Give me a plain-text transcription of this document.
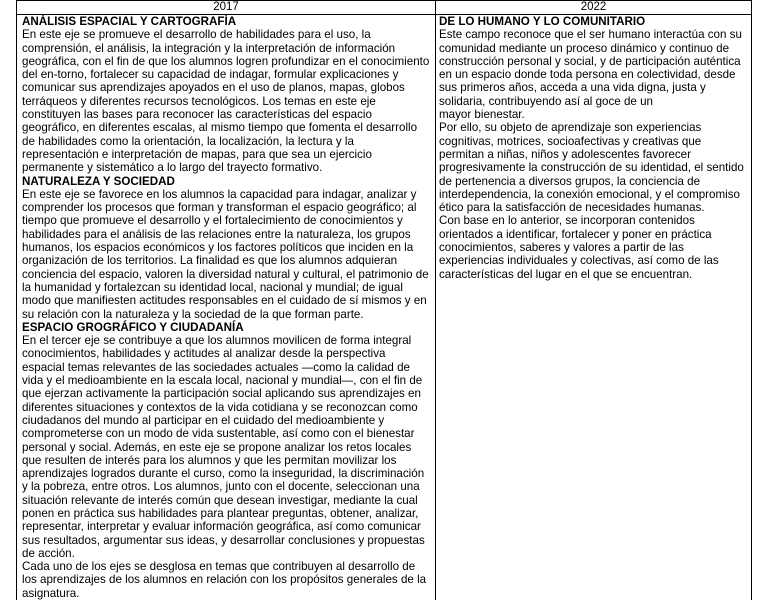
2017	2022

ANÁLISIS ESPACIAL Y CARTOGRAFÍA

En este eje se promueve el desarrollo de habilidades para el uso, la comprensión, el análisis, la integración y la interpretación de información geográfica, con el fin de que los alumnos logren profundizar en el conocimiento del en-torno, fortalecer su capacidad de indagar, formular explicaciones y comunicar sus aprendizajes apoyados en el uso de planos, mapas, globos terráqueos y diferentes recursos tecnológicos. Los temas en este eje constituyen las bases para reconocer las características del espacio geográfico, en diferentes escalas, al mismo tiempo que fomenta el desarrollo de habilidades como la orientación, la localización, la lectura y la representación e interpretación de mapas, para que sea un ejercicio permanente y sistemático a lo largo del trayecto formativo.

NATURALEZA Y SOCIEDAD

En este eje se favorece en los alumnos la capacidad para indagar, analizar y comprender los procesos que forman y transforman el espacio geográfico; al tiempo que promueve el desarrollo y el fortalecimiento de conocimientos y habilidades para el análisis de las relaciones entre la naturaleza, los grupos humanos, los espacios económicos y los factores políticos que inciden en la organización de los territorios. La finalidad es que los alumnos adquieran conciencia del espacio, valoren la diversidad natural y cultural, el patrimonio de la humanidad y fortalezcan su identidad local, nacional y mundial; de igual modo que manifiesten actitudes responsables en el cuidado de sí mismos y en su relación con la naturaleza y la sociedad de la que forman parte.

ESPACIO GROGRÁFICO Y CIUDADANÍA

En el tercer eje se contribuye a que los alumnos movilicen de forma integral conocimientos, habilidades y actitudes al analizar desde la perspectiva espacial temas relevantes de las sociedades actuales —como la calidad de vida y el medioambiente en la escala local, nacional y mundial—, con el fin de que ejerzan activamente la participación social aplicando sus aprendizajes en diferentes situaciones y contextos de la vida cotidiana y se reconozcan como ciudadanos del mundo al participar en el cuidado del medioambiente y comprometerse con un modo de vida sustentable, así como con el bienestar personal y social. Además, en este eje se propone analizar los retos locales que resulten de interés para los alumnos y que les permitan movilizar los aprendizajes logrados durante el curso, como la inseguridad, la discriminación y la pobreza, entre otros. Los alumnos, junto con el docente, seleccionan una situación relevante de interés común que desean investigar, mediante la cual ponen en práctica sus habilidades para plantear preguntas, obtener, analizar, representar, interpretar y evaluar información geográfica, así como comunicar sus resultados, argumentar sus ideas, y desarrollar conclusiones y propuestas de acción.

Cada uno de los ejes se desglosa en temas que contribuyen al desarrollo de los aprendizajes de los alumnos en relación con los propósitos generales de la asignatura.

DE LO HUMANO Y LO COMUNITARIO

Este campo reconoce que el ser humano interactúa con su comunidad mediante un proceso dinámico y continuo de construcción personal y social, y de participación auténtica en un espacio donde toda persona en colectividad, desde sus primeros años, acceda a una vida digna, justa y solidaria, contribuyendo así al goce de un

mayor bienestar.

Por ello, su objeto de aprendizaje son experiencias cognitivas, motrices, socioafectivas y creativas que permitan a niñas, niños y adolescentes favorecer progresivamente la construcción de su identidad, el sentido de pertenencia a diversos grupos, la conciencia de interdependencia, la conexión emocional, y el compromiso ético para la satisfacción de necesidades humanas.

Con base en lo anterior, se incorporan contenidos orientados a identificar, fortalecer y poner en práctica conocimientos, saberes y valores a partir de las experiencias individuales y colectivas, así como de las características del lugar en el que se encuentran.
